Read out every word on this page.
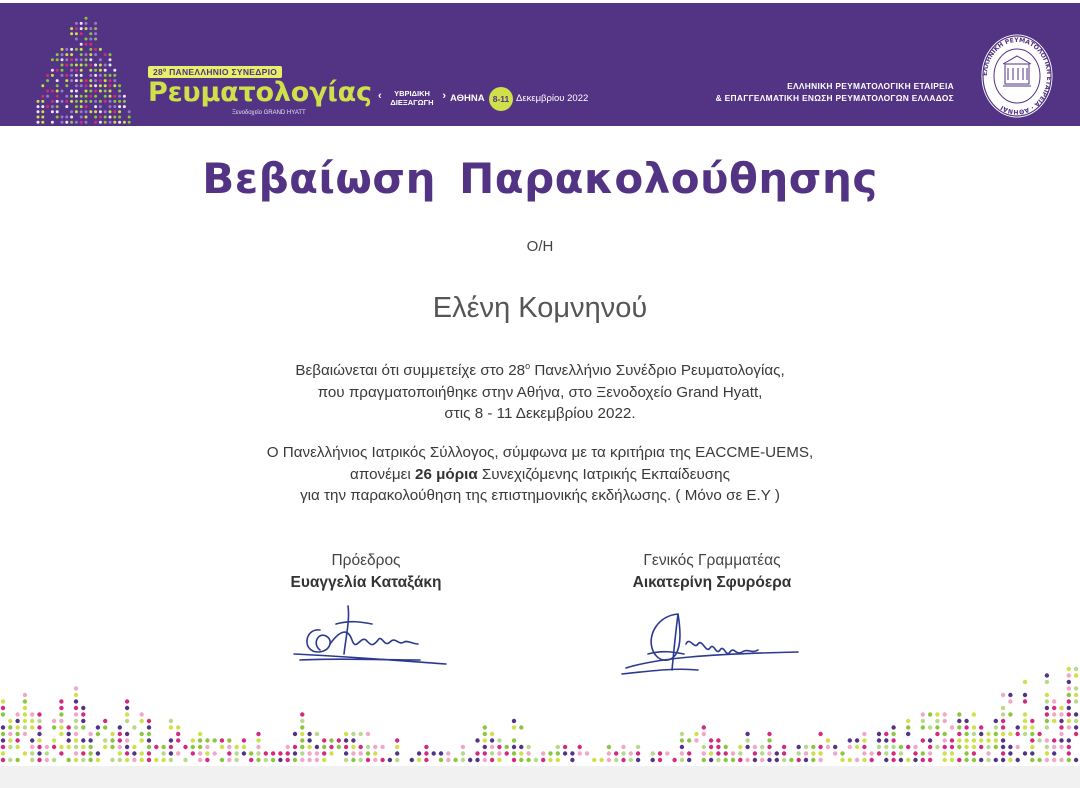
28º ΠΑΝΕΛΛΗΝΙΟ ΣΥΝΕΔΡΙΟ
Ρευματολογίας
Ξενοδοχείο GRAND HYATT
‹ ΥΒΡΙΔΙΚΗ
ΔΙΕΞΑΓΩΓΗ
›	ΑΘΗΝΑ 8-11 Δεκεμβρίου 2022
ΕΛΛΗΝΙΚΗ ΡΕΥΜΑΤΟΛΟΓΙΚΗ ΕΤΑΙΡΕΙΑ
& ΕΠΑΓΓΕΛΜΑΤΙΚΗ ΕΝΩΣΗ ΡΕΥΜΑΤΟΛΟΓΩΝ ΕΛΛΑΔΟΣ
ΕΛΛΗΝΙΚΗ ΡΕΥΜΑΤΟΛΟΓΙΚΗ ΕΤΑΙΡΕΙΑ · ΑΘΗΝΑΙ
Βεβαίωση Παρακολούθησης
Ο/Η
Ελένη Κομνηνού
Βεβαιώνεται ότι συμμετείχε στο $28^o$ Πανελλήνιο Συνέδριο Ρευματολογίας,
που πραγματοποιήθηκε στην Αθήνα, στο Ξενοδοχείο Grand Hyatt,
στις 8 - 11 Δεκεμβρίου 2022.
Ο Πανελλήνιος Ιατρικός Σύλλογος, σύμφωνα με τα κριτήρια της EACCME-UEMS,
απονέμει 26 μόρια Συνεχιζόμενης Ιατρικής Εκπαίδευσης
για την παρακολούθηση της επιστημονικής εκδήλωσης. ( Μόνο σε Ε.Υ )
Πρόεδρος
Ευαγγελία Καταξάκη
Γενικός Γραμματέας
Αικατερίνη Σφυρόερα
